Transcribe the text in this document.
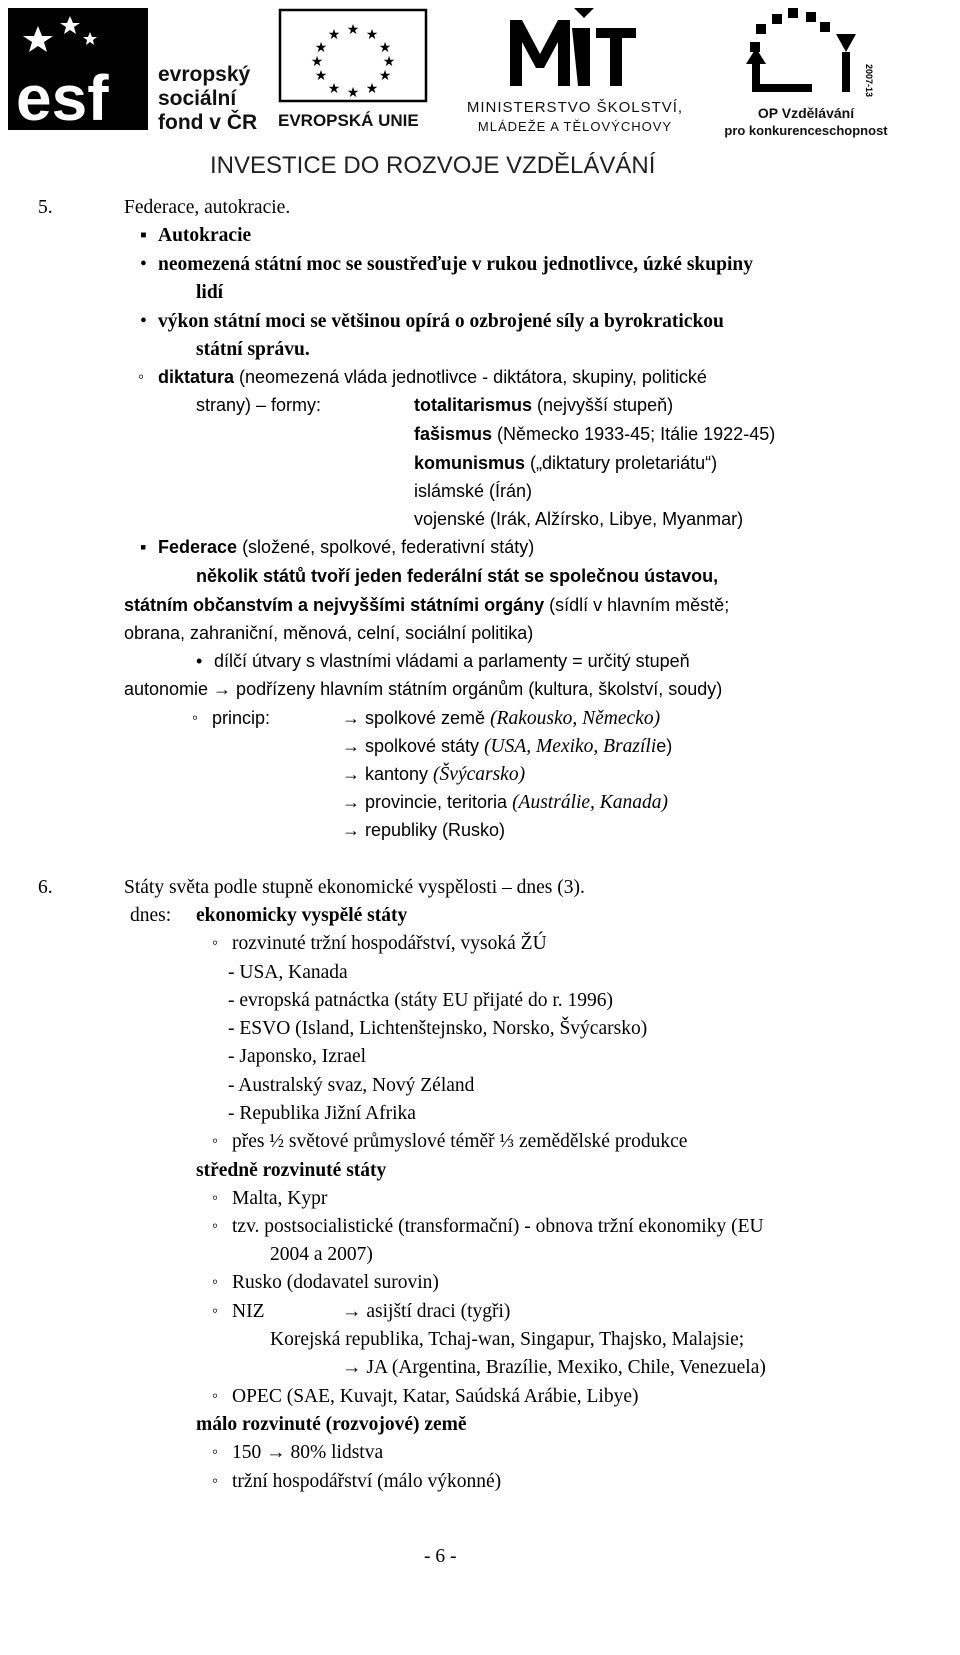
esf evropský
sociální
fond v ČR
★ ★
★
★
★
★
★
★
★
★
★
★
EVROPSKÁ UNIE
MINISTERSTVO ŠKOLSTVÍ,
MLÁDEŽE A TĚLOVÝCHOVY
2007-13
OP Vzdělávání
pro konkurenceschopnost
INVESTICE DO ROZVOJE VZDĚLÁVÁNÍ
5.	Federace, autokracie.
▪ Autokracie
• neomezená státní moc se soustřeďuje v rukou jednotlivce, úzké skupiny
lidí
• výkon státní moci se většinou opírá o ozbrojené síly a byrokratickou
státní správu.
◦ diktatura (neomezená vláda jednotlivce - diktátora, skupiny, politické
strany) – formy:	totalitarismus (nejvyšší stupeň)
fašismus (Německo 1933-45; Itálie 1922-45)
komunismus („diktatury proletariátu“)
islámské (Írán)
vojenské (Irák, Alžírsko, Libye, Myanmar)
▪ Federace (složené, spolkové, federativní státy)
několik států tvoří jeden federální stát se společnou ústavou,
státním občanstvím a nejvyššími státními orgány (sídlí v hlavním městě;
obrana, zahraniční, měnová, celní, sociální politika)
• dílčí útvary s vlastními vládami a parlamenty = určitý stupeň
autonomie → podřízeny hlavním státním orgánům (kultura, školství, soudy)
◦ princip:	→ spolkové země (Rakousko, Německo)
→ spolkové státy (USA, Mexiko, Brazílie)
→ kantony (Švýcarsko)
→ provincie, teritoria (Austrálie, Kanada)
→ republiky (Rusko)
6.	Státy světa podle stupně ekonomické vyspělosti – dnes (3).
dnes: ekonomicky vyspělé státy
◦ rozvinuté tržní hospodářství, vysoká ŽÚ
- USA, Kanada
- evropská patnáctka (státy EU přijaté do r. 1996)
- ESVO (Island, Lichtenštejnsko, Norsko, Švýcarsko)
- Japonsko, Izrael
- Australský svaz, Nový Zéland
- Republika Jižní Afrika
◦ přes ½ světové průmyslové téměř ⅓ zemědělské produkce
středně rozvinuté státy
◦ Malta, Kypr
◦ tzv. postsocialistické (transformační) - obnova tržní ekonomiky (EU
2004 a 2007)
◦ Rusko (dodavatel surovin)
◦ NIZ	→ asijští draci (tygři)
Korejská republika, Tchaj-wan, Singapur, Thajsko, Malajsie;
→ JA (Argentina, Brazílie, Mexiko, Chile, Venezuela)
◦ OPEC (SAE, Kuvajt, Katar, Saúdská Arábie, Libye)
málo rozvinuté (rozvojové) země
◦ 150 → 80% lidstva
◦ tržní hospodářství (málo výkonné)
- 6 -
